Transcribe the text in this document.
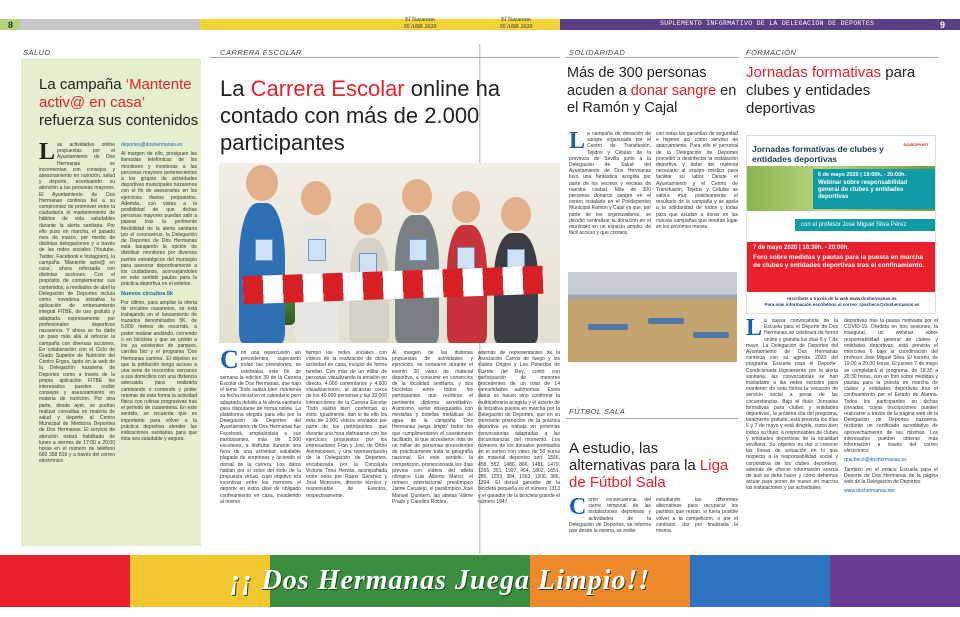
8	9
El Nazareno
30 ABR 2020
El Nazareno
30 ABR 2020	SUPLEMENTO INFORMATIVO DE LA DELEGACIÓN DE DEPORTES
SALUD	CARRERA ESCOLAR	SOLIDARIDAD	FORMACIÓN
La campaña ‘Mantente activ@ en casa’ refuerza sus contenidos
Las actividades online propuestas por el Ayuntamiento de Dos Hermanas se incrementan con consejos y asesoramiento en nutrición, salud y deporte, acentuando su atención a las personas mayores. El Ayuntamiento de Dos Hermanas continúa fiel a su compromiso de promover entre la ciudadanía el mantenimiento de hábitos de vida saludables durante la alerta sanitaria. Por ello puso en marcha, el pasado mes de marzo, por medio de distintas delegaciones y a través de las redes sociales (Youtube, Twitter, Facebook e Instagram), la campaña ‘Mantente activ@ en casa’, ahora reforzada con distintas acciones. Con el propósito de complementar sus contenidos, a mediados de abril la Delegación de Deportes incluía como novedosa iniciativa la aplicación de entrenamiento integral FITBE, de uso gratuito y adaptada expresamente por profesionales deportivos nazarenos. Y ahora se ha dado un paso más allá al reforzar la campaña con diversas acciones. En colaboración con el Ciclo de Grado Superior de Nutrición del Centro Ergos, tanto en la web de la Delegación nazarena de Deportes como a través de la propia aplicación FITBE los interesados pueden recibir consejos y asesoramiento en materia de nutrición. Por otra parte, desde ayer, se podrán realizar consultas en materia de salud y deporte al Centro Municipal de Medicina Deportiva de Dos Hermanas. El servicio de atención estará habilitado de lunes a viernes de 17:00 a 20:00 horas en el número de teléfono 660 358 816 y a través del correo electrónico

deportes@doshermanas.es

Al margen de ello, prosiguen las llamadas telefónicas de los monitores y monitoras a las personas mayores pertenecientes a los grupos de actividades deportivas municipales nazarenos con el fin de asesorarles en los ejercicios diarios propuestos. Además, con vistas a la posibilidad de que dichas personas mayores puedan salir a pasear tras la pertinente flexibilidad de la alerta sanitaria por el coronavirus, la Delegación de Deportes de Dos Hermanas está barajando la opción de distribuir monitores por diversos puntos estratégicos del municipio para asesorar deportivamente a los ciudadanos, aconsejándoles en este sentido pautas para la práctica deportiva en el exterior.

Nuevos circuitos 5k

Por último, para ampliar la oferta de circuitos nazarenos, se está trabajando en el lanzamiento de trazados denominados 5K, de 5.000 metros de recorrido, a poder realizar andando, corriendo o en bicicleta y que se unirán a los ya existentes de parques, carriles bici y el programa ‘Dos Hermanas camina’. El objetivo es que la población tenga acceso a una serie de recorridos cercanos a sus domicilios con una distancia adecuada para realizarla caminando o corriendo y poder retomar de esta forma la actividad física con rutinas progresivas tras el periodo de cuarentena. En este sentido, se recuerda que es importante para volver a la práctica deportiva atender las indicaciones sanitarias para que ésta sea saludable y segura.

La Carrera Escolar online ha contado con más de 2.000 participantes
Con una repercusión sin precedentes, superando todas las previsiones, se celebraba este fin de semana la edición 39 de la Carrera Escolar de Dos Hermanas, que bajo el lema ‘Todo saldrá bien’ mantenía su fecha inicial en el calendario pero adaptada debido a la alerta sanitaria para disputarse de forma online. La plataforma elegida para ello por la Delegación de Deportes del Ayuntamiento de Dos Hermanas fue Facebook, empleándola a sus participantes, más de 2.000 escolares, a disfrutar durante una hora de una actividad saludable plagada de sorpresas y luciendo el dorsal de la carrera. Los datos hablan por sí solos del éxito de la propuesta virtual, cuyo objetivo era incentivar entre los menores el deporte en estos días de obligado confinamiento en casa, invadiendo al mismo
tiempo las redes sociales con vídeos de la realización de dicha actividad en casa, incluso de forma familiar. Con más de un millar de personas visualizando la emisión en directo, 4.000 comentarios y 4.600 visualizaciones, al alcanzar cerca de los 40.000 personas y las 20.000 interacciones de la Carrera Escolar ‘Todo saldrá bien’ confirman su éxito. Igualmente, dan le de ello los más de 1.000 vídeos enviados por parte de los participantes, que durante una hora disfrutaron con los ejercicios propuestos por los entrenadores Fran y Joni, de Ohho Animaciones, y una representación de la Delegación de Deportes, encabezada por la Concejala Victoria Trina Hervás, acompañada entre otros por Rúper Sánchez y José Moncerre, director técnico y responsable de Eventos, respectivamente.
Al margen de las distintas propuestas de actividades y ejercicios, se sortearon durante el evento 20 vales de material deportivo, a consumir en comercios de la localidad sevillana, y dos bicicletas entre todos los participantes, que recibirán el pertinente diploma acreditativo. Asimismo, serán obsequiados con medallas y botellas metálicas de agua de la campaña ‘Dos Hermanas juega limpio’ todos los que cumplimentaron el cuestionario facilitado, al que accedieron más de un millar de personas procedentes de prácticamente toda la geografía nacional. En este sentido, la competición, promocionada los días previos con vídeos del atleta olímpico Luis Alberto Marco, el remero internacional preolímpico Jaime Canalejo, el paralímpico José Manuel Quintero, las atletas Valme Prado y Carolina Robles,
además de representantes de la Asociación Carros de fuego y los clubes Orippo y Los Petardos de Fuente del Rey, contó con participación de menores procedentes de un total de 14 comunidades autónomas. Estos datos no hacen sino confirmar la multitudinaria acogida y el acierto de la iniciativa puesta en marcha por la Delegación de Deportes, que en su constante promoción de la práctica deportiva ya trabaja en próximas convocatorias adaptadas a las circunstancias del momento. Los números de los dorsales premiados en el sorteo con vales de 50 euros en material deportivo son: 1556, 458, 552, 1486, 866, 1481, 1479, 1265, 301, 1997, 454, 1862, 1651, 286, 1253, 384, 1363, 1206, 386, 1304. El dorsal ganador de la bicicleta pequeña es el número 1313 y el ganador de la bicicleta grande el número 1847.
Más de 300 personas acuden a donar sangre en el Ramón y Cajal
La campaña de donación de sangre organizada por el Centro de Transfusión, Tejidos y Células de la provincia de Sevilla junto a la Delegación de Salud del Ayuntamiento de Dos Hermanas tuvo una fantástica acogida por parte de los vecinos y vecinas de nuestra ciudad. Más de 300 personas donaron sangre en el centro instalado en el Polideportivo Municipal Ramón y Cajal ya que, por parte de los organizadores, se decidió centralizar la donación en el municipio en un espacio amplio, de fácil acceso y que contara
con todas las garantías de seguridad e higiene así como servicio de aparcamiento. Para ello el personal de la Delegación de Deportes procedió a desinfectar la instalación deportiva y dotar del material necesario al equipo médico para facilitar su labor. Desde el Ayuntamiento y el Centro de Transfusión, Tejidos y Células se valora muy positivamente el resultado de la campaña y se apela a la solidaridad de todos y todas para que acudan a donar en las nuevas campañas que tendrán lugar en los próximos meses.
FÚTBOL SALA
A estudio, las alternativas para la Liga de Fútbol Sala
Como consecuencia del cierre temporal de las instalaciones deportivas y actividades de la Delegación de Deportes, se informa que desde la misma, se están
estudiando las diferentes alternativas para recuperar los partidos que restan, si fuera posible volver a la competición, o por el contrario, dar por finalizada la misma.
Jornadas formativas para clubes y entidades deportivas
Jornadas formativas de clubes y entidades deportivas
DOSESPORT
6 de mayo 2020 | 19:00h. - 20:00h.
Webinar sobre responsabilidad general de clubes y entidades deportivas
con el profesor José Miguel Silva Pérez
7 de mayo 2020 | 18:30h. - 20:00h.
Foro sobre medidas y pautas para la puesta en marcha de clubes y entidades deportivas tras el confinamiento.
Inscríbete a través de la web www.doshermanas.es
Para más información escríbenos al correo: rpacheco@doshermanas.es
La nueva convocatoria de la Escuela para el Deporte de Dos Hermanas se celebrará de forma online y gratuita los días 6 y 7 de mayo. La Delegación de Deportes del Ayuntamiento de Dos Hermanas continúa con su agenda 2020 del programa ‘Escuela para el Deporte’. Condicionada lógicamente por la alerta sanitaria, las convocatorias se han trasladado a las redes sociales para mantener de esta forma la vocación de servicio social a pesar de las circunstancias. Bajo el título ‘Jornadas formativas para clubes y entidades deportivas’, la próxima cita del programa, totalmente gratuito, está prevista los días 6 y 7 de mayo y está dirigida, como bien indica su título, a responsables de clubes y entidades deportivas de la localidad sevillana. Su objetivo es dar a conocer las líneas de actuación en lo que respecta a la responsabilidad social y corporativa de los clubes deportivos, además de ofrecer información acerca de qué se debe hacer y cómo debemos actuar para poner de nuevo en marcha las instalaciones y las actividades

deportivas tras la pausa motivada por el COVID-19. Dividida en dos sesiones, la inaugural, un webinar sobre responsabilidad general de clubes y entidades deportivas, está prevista el miércoles 6 bajo la coordinación del profesor José Miguel Silva. El horario, de 19:00 a 20:00 horas. El jueves 7 de mayo se completará el programa, de 18:30 a 20:30 horas, con un foro sobre medidas y pautas para la puesta en marcha de clubes y entidades deportivas tras el confinamiento por el Estado de Alarma. Todos los participantes en dichas jornadas, cuyas inscripciones pueden realizarse a través de la página web de la Delegación de Deportes nazarena, recibirán un certificado acreditativo de aprovechamiento de las mismas. Los interesados pueden obtener más información a través del correo electrónico:

rpacheco@doshermanas.es

También en el enlace Escuela para el Deporte de Dos Hermanas de la página web de la Delegación de Deportes

www.doshermanas.net

¡¡ Dos Hermanas Juega Limpio!!
